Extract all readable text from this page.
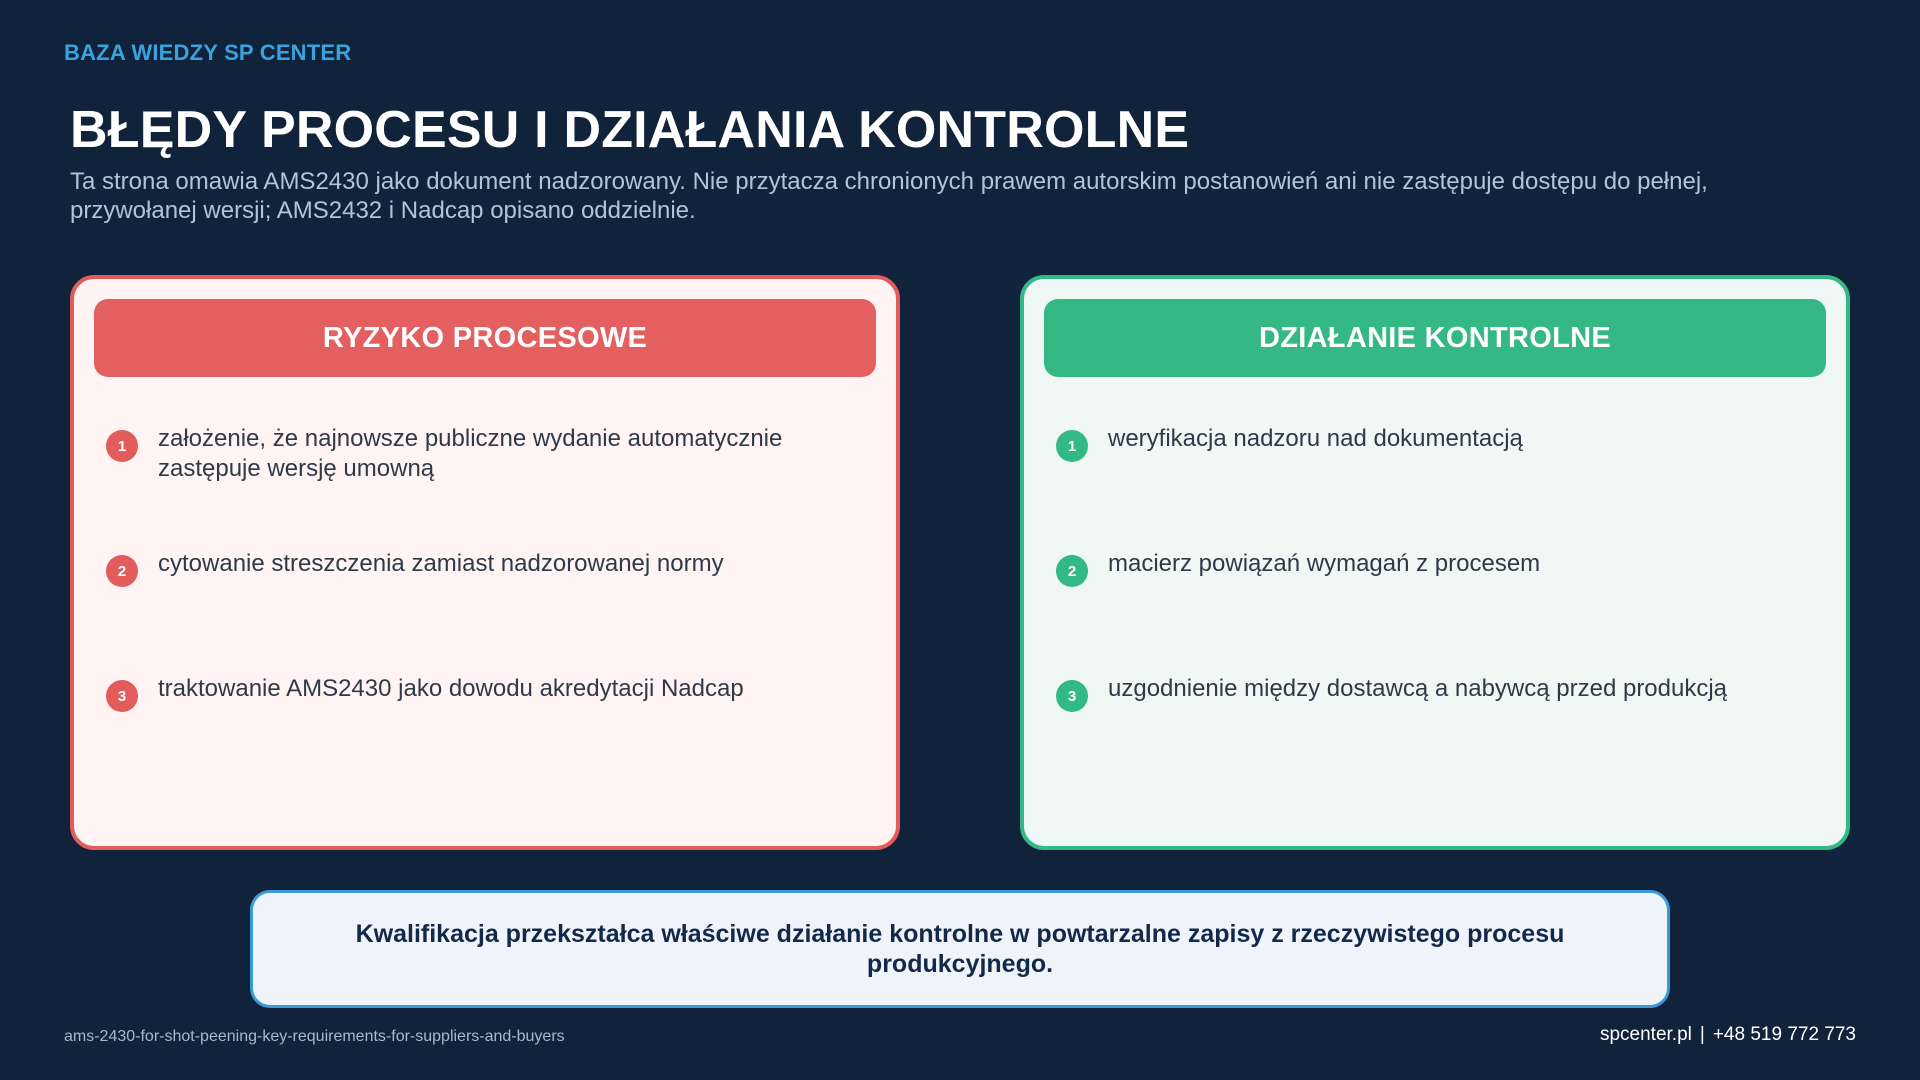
BAZA WIEDZY SP CENTER
BŁĘDY PROCESU I DZIAŁANIA KONTROLNE

Ta strona omawia AMS2430 jako dokument nadzorowany. Nie przytacza chronionych prawem autorskim postanowień ani nie zastępuje dostępu do pełnej, przywołanej wersji; AMS2432 i Nadcap opisano oddzielnie.

RYZYKO PROCESOWE
1	założenie, że najnowsze publiczne wydanie automatycznie zastępuje wersję umowną
2	cytowanie streszczenia zamiast nadzorowanej normy
3	traktowanie AMS2430 jako dowodu akredytacji Nadcap
DZIAŁANIE KONTROLNE
1	weryfikacja nadzoru nad dokumentacją
2	macierz powiązań wymagań z procesem
3	uzgodnienie między dostawcą a nabywcą przed produkcją
Kwalifikacja przekształca właściwe działanie kontrolne w powtarzalne zapisy z rzeczywistego procesu produkcyjnego.
ams-2430-for-shot-peening-key-requirements-for-suppliers-and-buyers	spcenter.pl | +48 519 772 773
